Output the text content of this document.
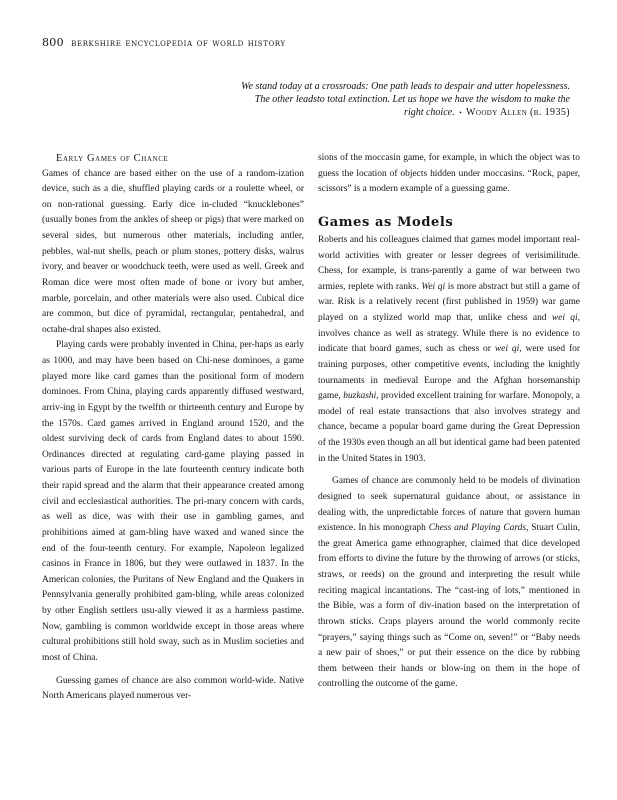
800 berkshire encyclopedia of world history
We stand today at a crossroads: One path leads to despair and utter hopelessness. The other leadsto total extinction. Let us hope we have the wisdom to make the right choice. • Woody Allen (b. 1935)

Early Games of Chance

Games of chance are based either on the use of a random-ization device, such as a die, shuffled playing cards or a roulette wheel, or on non-rational guessing. Early dice in-cluded “knucklebones” (usually bones from the ankles of sheep or pigs) that were marked on several sides, but numerous other materials, including antler, pebbles, wal-nut shells, peach or plum stones, pottery disks, walrus ivory, and beaver or woodchuck teeth, were used as well. Greek and Roman dice were most often made of bone or ivory but amber, marble, porcelain, and other materials were also used. Cubical dice are common, but dice of pyramidal, rectangular, pentahedral, and octahe-dral shapes also existed.

Playing cards were probably invented in China, per-haps as early as 1000, and may have been based on Chi-nese dominoes, a game played more like card games than the positional form of modern dominoes. From China, playing cards apparently diffused westward, arriv-ing in Egypt by the twelfth or thirteenth century and Europe by the 1570s. Card games arrived in England around 1520, and the oldest surviving deck of cards from England dates to about 1590. Ordinances directed at regulating card-game playing passed in various parts of Europe in the late fourteenth century indicate both their rapid spread and the alarm that their appearance created among civil and ecclesiastical authorities. The pri-mary concern with cards, as well as dice, was with their use in gambling games, and prohibitions aimed at gam-bling have waxed and waned since the end of the four-teenth century. For example, Napoleon legalized casinos in France in 1806, but they were outlawed in 1837. In the American colonies, the Puritans of New England and the Quakers in Pennsylvania generally prohibited gam-bling, while areas colonized by other English settlers usu-ally viewed it as a harmless pastime. Now, gambling is common worldwide except in those areas where cultural prohibitions still hold sway, such as in Muslim societies and most of China.

Guessing games of chance are also common world-wide. Native North Americans played numerous ver-

sions of the moccasin game, for example, in which the object was to guess the location of objects hidden under moccasins. “Rock, paper, scissors” is a modern example of a guessing game.

Games as Models

Roberts and his colleagues claimed that games model important real-world activities with greater or lesser degrees of verisimilitude. Chess, for example, is trans-parently a game of war between two armies, replete with ranks. Wei qi is more abstract but still a game of war. Risk is a relatively recent (first published in 1959) war game played on a stylized world map that, unlike chess and wei qi, involves chance as well as strategy. While there is no evidence to indicate that board games, such as chess or wei qi, were used for training purposes, other competitive events, including the knightly tournaments in medieval Europe and the Afghan horsemanship game, buzkashi, provided excellent training for warfare. Monopoly, a model of real estate transactions that also involves strategy and chance, became a popular board game during the Great Depression of the 1930s even though an all but identical game had been patented in the United States in 1903.

Games of chance are commonly held to be models of divination designed to seek supernatural guidance about, or assistance in dealing with, the unpredictable forces of nature that govern human existence. In his monograph Chess and Playing Cards, Stuart Culin, the great America game ethnographer, claimed that dice developed from efforts to divine the future by the throwing of arrows (or sticks, straws, or reeds) on the ground and interpreting the result while reciting magical incantations. The “cast-ing of lots,” mentioned in the Bible, was a form of div-ination based on the interpretation of thrown sticks. Craps players around the world commonly recite “prayers,” saying things such as “Come on, seven!” or “Baby needs a new pair of shoes,” or put their essence on the dice by rubbing them between their hands or blow-ing on them in the hope of controlling the outcome of the game.
